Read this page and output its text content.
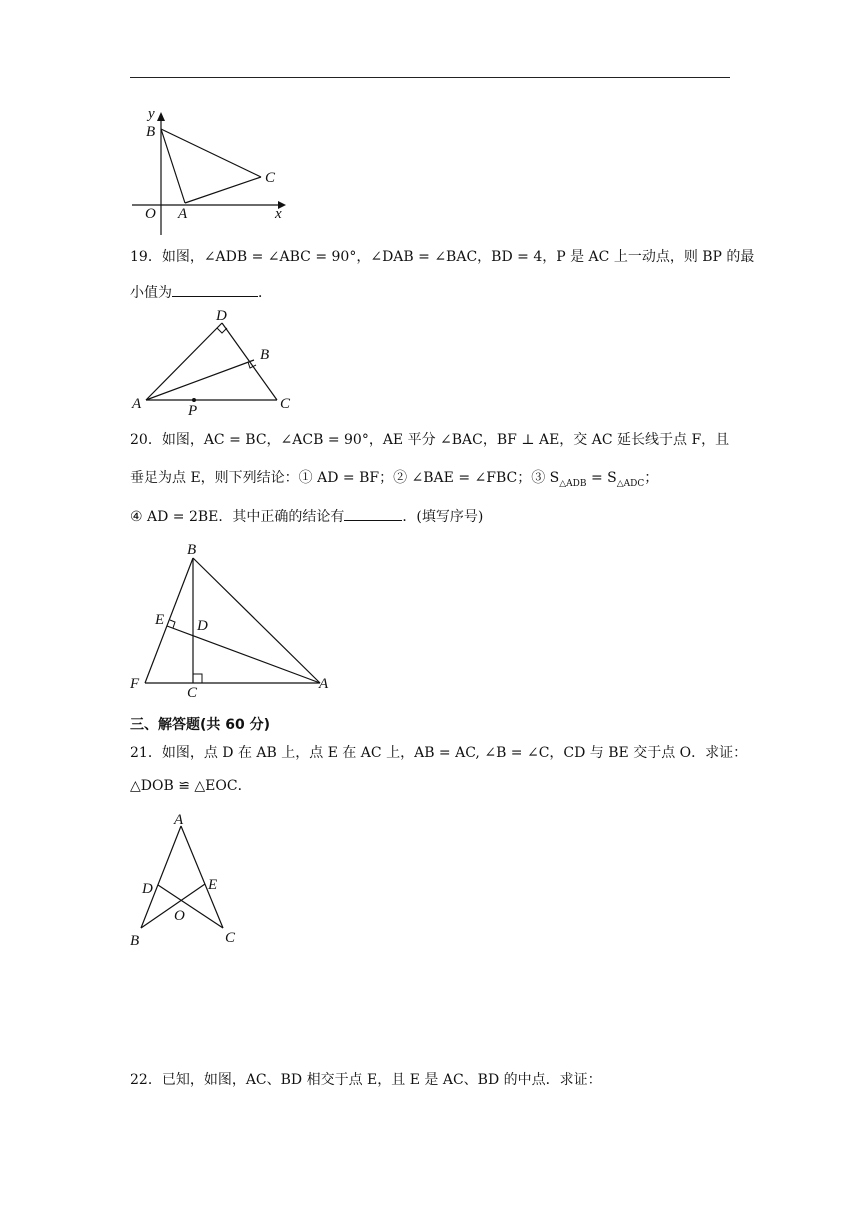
y
B
C
O A	x
19．如图，∠ADB = ∠ABC = 90°，∠DAB = ∠BAC，BD = 4，P 是 AC 上一动点，则 BP 的最
小值为	．
D
B
A	P	C
20．如图，AC = BC，∠ACB = 90°，AE 平分 ∠BAC，BF ⊥ AE，交 AC 延长线于点 F，且
垂足为点 E，则下列结论：① AD = BF；② ∠BAE = ∠FBC；③ $S_{\triangle ADB} = S_{\triangle ADC}$；
④ AD = 2BE．其中正确的结论有	．(填写序号)
B
E D
F
C
A
三、解答题(共 60 分)
21．如图，点 D 在 AB 上，点 E 在 AC 上，AB = AC, ∠B = ∠C，CD 与 BE 交于点 O．求证：
△DOB ≌ △EOC．
A
D	E
O
B	C
22．已知，如图，AC、BD 相交于点 E，且 E 是 AC、BD 的中点．求证：
